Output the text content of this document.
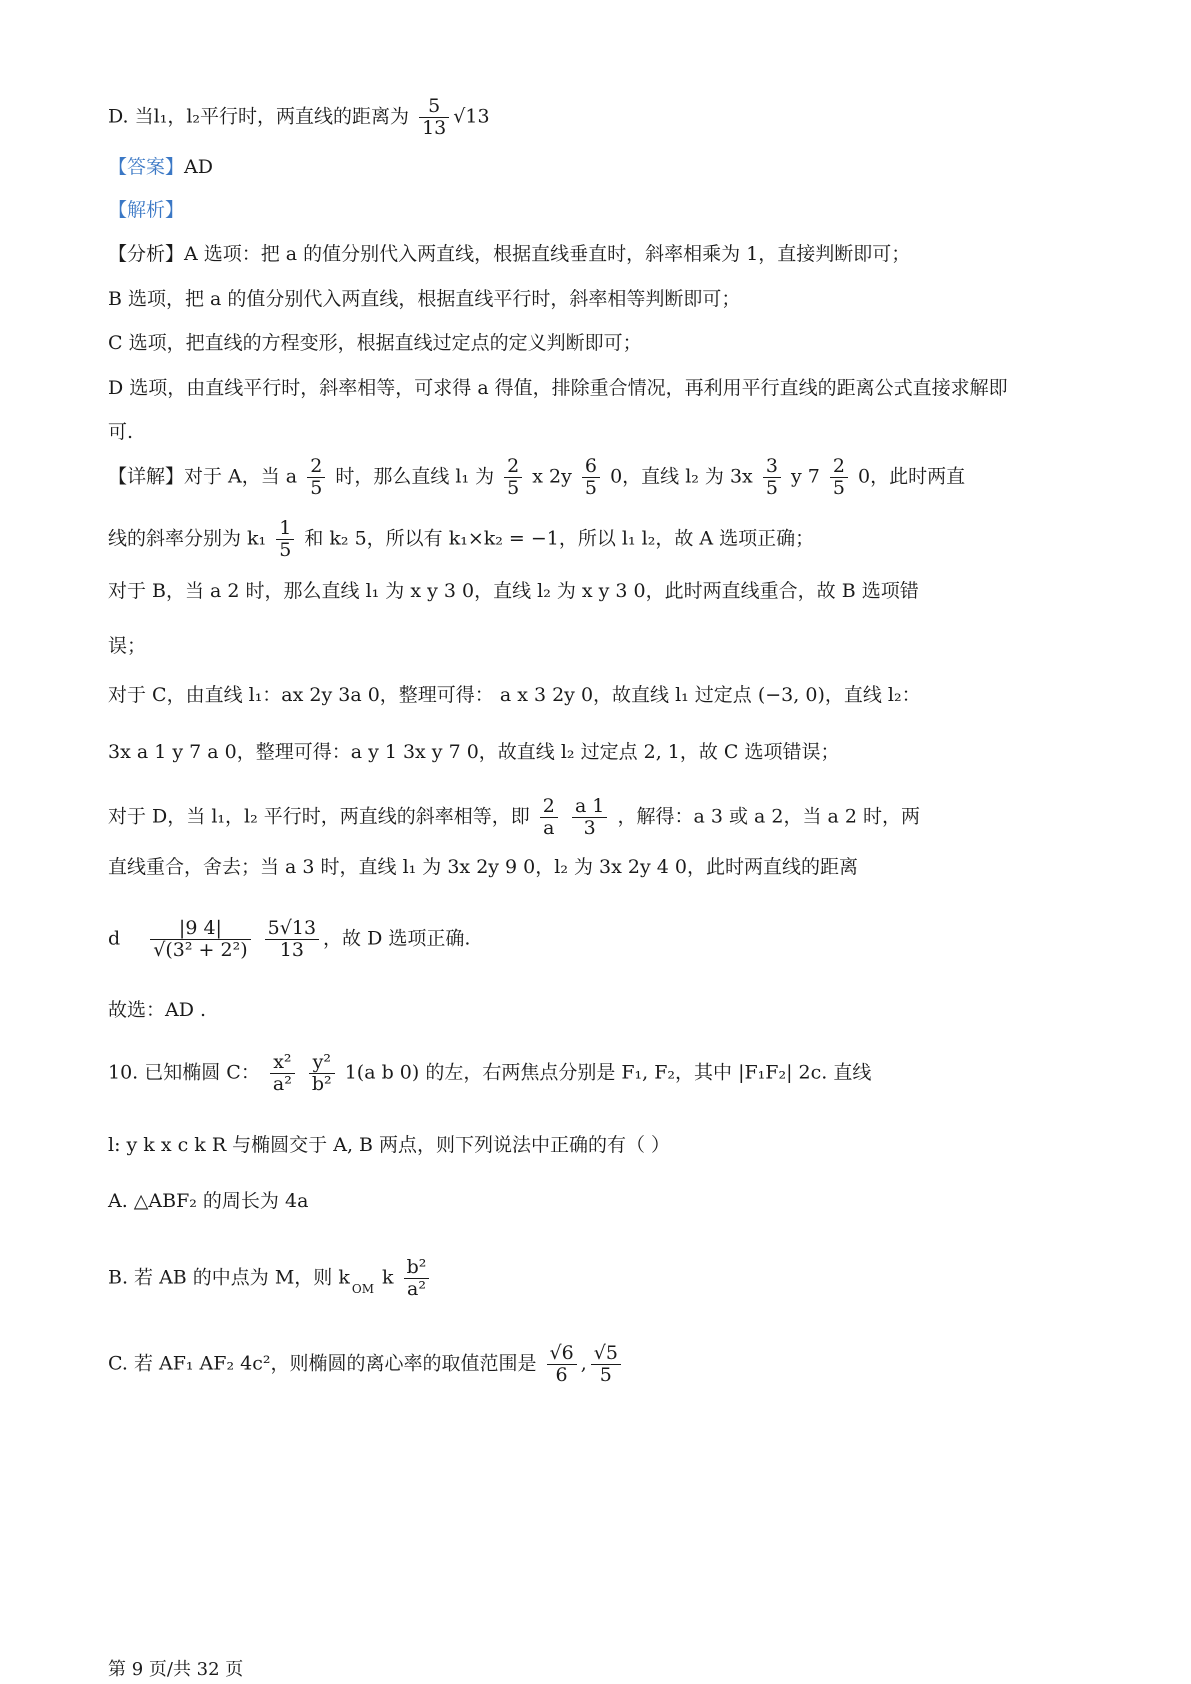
D. 当l₁，l₂平行时，两直线的距离为 $\frac{5}{13} √13$
【答案】AD
【解析】
【分析】A 选项：把 a 的值分别代入两直线，根据直线垂直时，斜率相乘为 1，直接判断即可；
B 选项，把 a 的值分别代入两直线，根据直线平行时，斜率相等判断即可；
C 选项，把直线的方程变形，根据直线过定点的定义判断即可；
D 选项，由直线平行时，斜率相等，可求得 a 得值，排除重合情况，再利用平行直线的距离公式直接求解即
可.
【详解】对于 A，当 a $\frac{2}{5}$ 时，那么直线 l₁ 为 $\frac{2}{5}$ x $2y \frac{6}{5} 0$，直线 l₂ 为 $3x \frac{3}{5}$ y $7 \frac{2}{5} 0$，此时两直
线的斜率分别为 $k_1 \frac{1}{5}$ 和 k₂ 5，所以有 k₁×k₂ = −1，所以 l₁ l₂，故 A 选项正确；
对于 B，当 a 2 时，那么直线 l₁ 为 x y 3 0，直线 l₂ 为 x y 3 0，此时两直线重合，故 B 选项错
误；
对于 C，由直线 l₁：ax 2y 3a 0，整理可得： a x 3 2y 0，故直线 l₁ 过定点 (−3, 0)，直线 l₂：
3x a 1 y 7 a 0，整理可得：a y 1 3x y 7 0，故直线 l₂ 过定点 2, 1，故 C 选项错误；
对于 D，当 l₁，l₂ 平行时，两直线的斜率相等，即 $\frac{2}{a}$
$\frac{a 1}{3}$ ，解得：a 3 或 a 2，当 a 2 时，两
直线重合，舍去；当 a 3 时，直线 l₁ 为 3x 2y 9 0，l₂ 为 3x 2y 4 0，此时两直线的距离
d $\frac{|9 4|}{\text{√(3² + 2²)}}$
$\frac{5√13}{13}$ ，故 D 选项正确.
故选：AD .
10. 已知椭圆 C： $\frac{\text{x²}}{\text{a²}}$
$\frac{\text{y²}}{\text{b²}} 1(a$ b 0) 的左，右两焦点分别是 F₁, F₂，其中 |F₁F₂| 2c. 直线
l: y k x c k R 与椭圆交于 A, B 两点，则下列说法中正确的有（ ）
A. △ABF₂ 的周长为 4a
B. 若 AB 的中点为 M，则 $k_{OM}$ k $\frac{\text{b²}}{\text{a²}}$
C. 若 AF₁ AF₂ 4c²，则椭圆的离心率的取值范围是 $\frac{√6}{6}$ , $\frac{√5}{5}$
第 9 页/共 32 页
